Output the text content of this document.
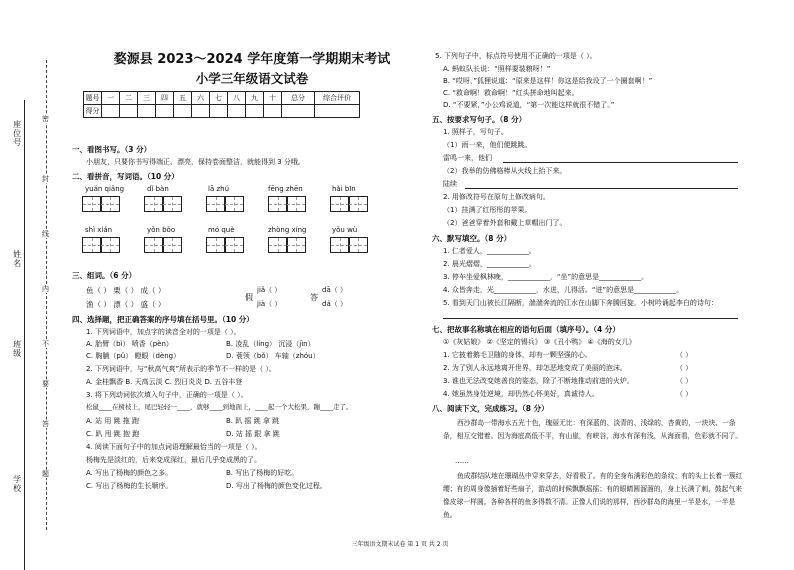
座位号
姓名
班级
学校
密
封
线
内
不
要
答
题
婺源县 2023～2024 学年度第一学期期末考试
小学三年级语文试卷
题号	一	二	三	四	五	六	七	八	九	十	总分	综合评价
得分												
一、看图书写。（3 分）
小朋友，只要你书写得端正、漂亮，保持卷面整洁，就能得到 3 分哦。
二、看拼音，写词语。（10 分）
yuán qiǎng	dǐ bàn	lā zhú	fēng zhēn	hǎi bīn
shì xián	yǒn bǒo	mó què	zhòng xíng	yǒu wù
三、组词。（6 分）
鱼（ ） 栗（ ） 成（ ）
渔（ ） 漂（ ） 盛（ ）
假
jiǎ（ ）
jià（ ）
答
dā（ ）
dá（ ）
四、选择题，把正确答案的序号填在括号里。（10 分）
1. 下列词语中，加点字的读音全对的一项是（ ）。
A. 胎臂（bì） 喷香（pèn）	B. 凌乱（líng） 沉浸（jìn）
C. 胸脯（pǔ） 瞪眼（dèng）	D. 蓑领（bǒ） 车轴（zhóu）
2. 下列词语中，与“秋高气爽”所表示的季节不一样的是（ ）。
A. 金桂飘香 B. 天高云淡 C. 烈日炎炎 D. 五谷丰登
3. 将下列动词依次填入句子中，正确的一项是（ ）。
松鼠____在树枝上，尾巴轻轻一____，就够____到地面上，____起一个大松果，蹦____走了。
A. 站 用 跳 拖 跑	B. 趴 摇 跳 拿 跳
C. 趴 甩 跳 抱 跑	D. 站 摇 跟 拿 跳
4. 阅读下面句子中的加点词语理解最恰当的一项是（ ）。
杨梅先是淡红的，后来变成深红，最后几乎变成黑的了。
A. 写出了杨梅的颜色之多。	B. 写出了杨梅的好吃。
C. 写出了杨梅的生长顺序。	D. 写出了杨梅的颜色变化过程。
5. 下列句子中，标点符号使用不正确的一项是（ ）。
A. 蚂蚁队长说：“照样要装粮呀！”
B. “哎呀，”狐狸说道：“原来是这样！你这是给我设了一个圈套啊！”
C. “救命啊！救命啊！”红头拼命地叫起来。
D. “不要紧，”小公鸡说道，“第一次能这样就很不错了。”
五、按要求写句子。（8 分）
1. 照样子，写句子。
（1）雨一来，他们便跳跳。
雷鸣一来，他们
（2）我举的仿佛格棒从火线上抬下来。
陆续
2. 用修改符号在原句上修改病句。
（1）挂满了红彤彤的苹果。
（2）爸爸穿着外套和戴上草帽出门了。
六、默写填空。（8 分）
1. 仁者爱人，____________。
2. 晨光熠熠，____________。
3. 停车坐爱枫林晚，____________，“坐”的意思是____________。
4. 众皆奔走，光____________，水迸，儿得活。“迸”的意思是____________。
5. 看到天门山被长江隔断，湍湍奔流的江水在山脚下奔腾回旋，小树吟诵起李白的诗句：
七、把故事名称填在相应的语句后面（填序号）。（4 分）
①《灰姑娘》 ②《坚定的锡兵》 ③《丑小鸭》 ④《海的女儿》
1. 它披着鹅毛卫随的身体，却有一颗坚强的心。	（ ）
2. 为了别人永远地离开世界，却怎恶地变成了美丽的泡沫。	（ ）
3. 谁也无法改变她善良的姿态，除了不断地推动前进的火炉。	（ ）
4. 她虽然身处逆境，却仍然心怀美好，真诚待人。	（ ）
八、阅读下文，完成练习。（8 分）
西沙群岛一带海水五光十色，瑰丽无比：有深蓝的、淡青的、浅绿的、杏黄的，一块块、一条条，相互交错着。因为海底高低不平，有山崖，有峡谷，海水有深有浅，从海面看，色彩就不同了。
……
鱼成群结队地在珊瑚丛中穿来穿去，好看极了。有的全身布满彩色的条纹；有的头上长着一簇红缨；有的周身像插着好些扇子，游动的时候飘飘摇摇；有的眼睛圆溜溜的，身上长满了刺，鼓起气来像皮球一样圆。各种各样的鱼多得数不清。正像人们说的那样，西沙群岛的海里一半是水，一半是鱼。
三年级语文期末试卷 第 1 页 共 2 页
